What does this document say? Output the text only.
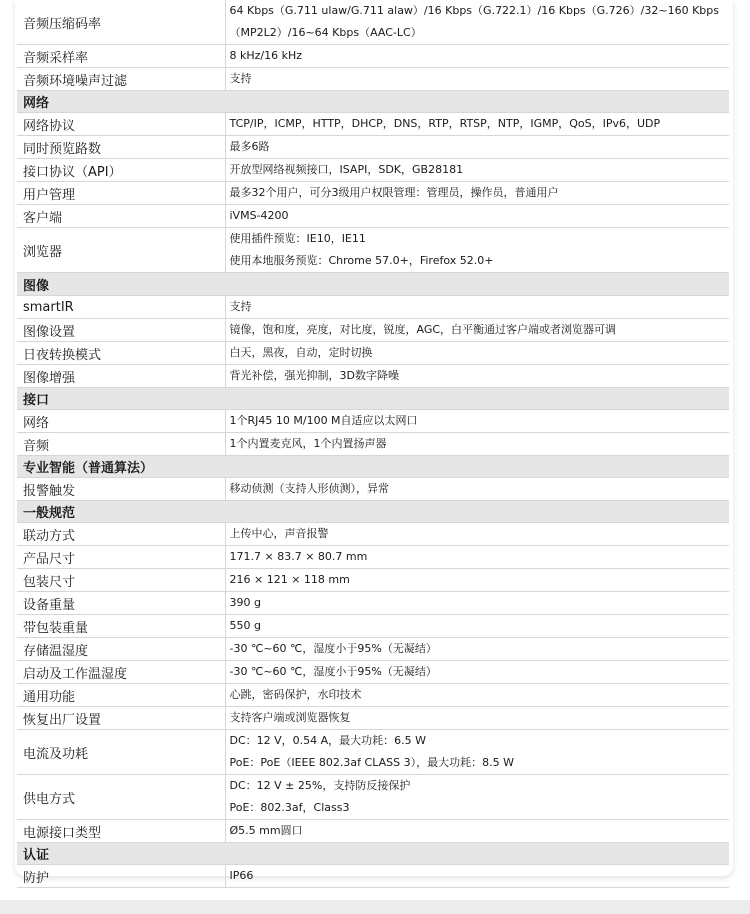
音频压缩码率	64 Kbps（G.711 ulaw/G.711 alaw）/16 Kbps（G.722.1）/16 Kbps（G.726）/32~160 Kbps
（MP2L2）/16~64 Kbps（AAC-LC）

音频采样率	8 kHz/16 kHz

音频环境噪声过滤	支持

网络	
网络协议	TCP/IP，ICMP，HTTP，DHCP，DNS，RTP，RTSP，NTP，IGMP，QoS，IPv6，UDP

同时预览路数	最多6路

接口协议（API）	开放型网络视频接口，ISAPI，SDK，GB28181

用户管理	最多32个用户，可分3级用户权限管理：管理员，操作员，普通用户

客户端	iVMS-4200

浏览器	使用插件预览：IE10，IE11
使用本地服务预览：Chrome 57.0+，Firefox 52.0+

图像	
smartIR	支持

图像设置	镜像，饱和度，亮度，对比度，锐度，AGC，白平衡通过客户端或者浏览器可调

日夜转换模式	白天，黑夜，自动，定时切换

图像增强	背光补偿，强光抑制，3D数字降噪

接口	
网络	1个RJ45 10 M/100 M自适应以太网口

音频	1个内置麦克风，1个内置扬声器

专业智能（普通算法）	
报警触发	移动侦测（支持人形侦测），异常

一般规范	
联动方式	上传中心，声音报警

产品尺寸	171.7 × 83.7 × 80.7 mm

包装尺寸	216 × 121 × 118 mm

设备重量	390 g

带包装重量	550 g

存储温湿度	-30 ℃~60 ℃，湿度小于95%（无凝结）

启动及工作温湿度	-30 ℃~60 ℃，湿度小于95%（无凝结）

通用功能	心跳，密码保护，水印技术

恢复出厂设置	支持客户端或浏览器恢复

电流及功耗	DC：12 V，0.54 A，最大功耗：6.5 W
PoE：PoE（IEEE 802.3af CLASS 3），最大功耗：8.5 W

供电方式	DC：12 V ± 25%，支持防反接保护
PoE：802.3af，Class3

电源接口类型	Ø5.5 mm圆口

认证	
防护	IP66
